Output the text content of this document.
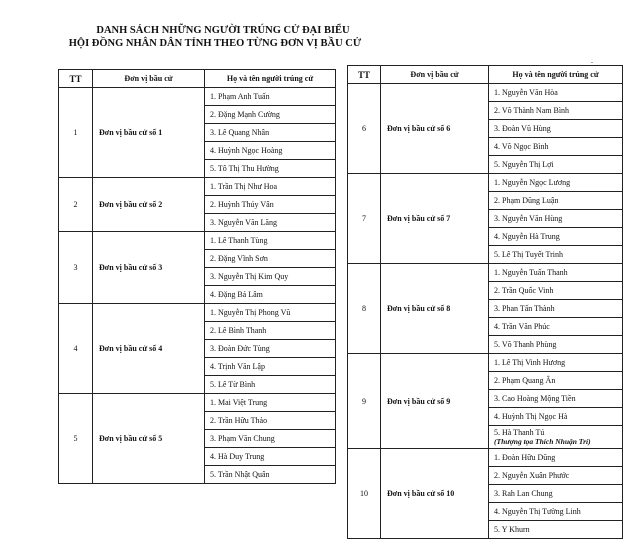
DANH SÁCH NHỮNG NGƯỜI TRÚNG CỬ ĐẠI BIỂU
HỘI ĐỒNG NHÂN DÂN TỈNH THEO TỪNG ĐƠN VỊ BẦU CỬ
-
TT	Đơn vị bầu cử	Họ và tên người trúng cử
1	Đơn vị bầu cử số 1	1. Phạm Anh Tuấn
		2. Đặng Mạnh Cường
		3. Lê Quang Nhân
		4. Huỳnh Ngọc Hoàng
		5. Tô Thị Thu Hường
2	Đơn vị bầu cử số 2	1. Trần Thị Như Hoa
		2. Huỳnh Thúy Vân
		3. Nguyễn Văn Lăng
3	Đơn vị bầu cử số 3	1. Lê Thanh Tùng
		2. Đặng Vĩnh Sơn
		3. Nguyễn Thị Kim Quy
		4. Đặng Bá Lâm
4	Đơn vị bầu cử số 4	1. Nguyễn Thị Phong Vũ
		2. Lê Bình Thanh
		3. Đoàn Đức Tùng
		4. Trịnh Văn Lập
		5. Lê Từ Bình
5	Đơn vị bầu cử số 5	1. Mai Việt Trung
		2. Trần Hữu Thảo
		3. Phạm Văn Chung
		4. Hà Duy Trung
		5. Trần Nhật Quân
TT	Đơn vị bầu cử	Họ và tên người trúng cử
6	Đơn vị bầu cử số 6	1. Nguyễn Văn Hòa
		2. Võ Thành Nam Bình
		3. Đoàn Vũ Hùng
		4. Võ Ngọc Bình
		5. Nguyễn Thị Lợi
7	Đơn vị bầu cử số 7	1. Nguyễn Ngọc Lương
		2. Phạm Dũng Luận
		3. Nguyễn Văn Hùng
		4. Nguyễn Hà Trung
		5. Lê Thị Tuyết Trinh
8	Đơn vị bầu cử số 8	1. Nguyễn Tuấn Thanh
		2. Trần Quốc Vinh
		3. Phan Tấn Thành
		4. Trần Văn Phúc
		5. Võ Thanh Phùng
9	Đơn vị bầu cử số 9	1. Lê Thị Vinh Hương
		2. Phạm Quang Ân
		3. Cao Hoàng Mộng Tiền
		4. Huỳnh Thị Ngọc Hà
		5. Hà Thanh Tú
(Thượng tọa Thích Nhuận Trí)

10	Đơn vị bầu cử số 10	1. Đoàn Hữu Dũng
		2. Nguyễn Xuân Phước
		3. Rah Lan Chung
		4. Nguyễn Thị Tường Linh
		5. Y Khurn
